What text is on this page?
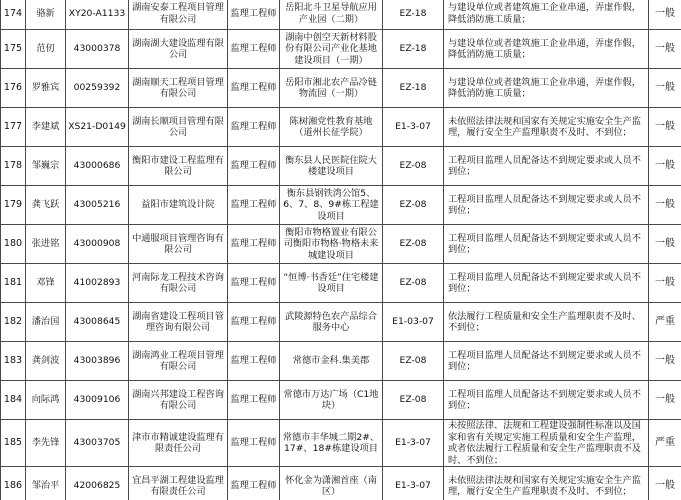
174	骆新	XY20-A1133	湖南安泰工程项目管理有限公司	监理工程师	岳阳北斗卫星导航应用产业园（二期）	EZ-18	与建设单位或者建筑施工企业串通，弄虚作假，降低消防施工质量；	一般
175	范仞	43000378	湖南湖大建设监理有限公司	监理工程师	湖南中创空天新材料股份有限公司产业化基地建设项目（一期）	EZ-18	与建设单位或者建筑施工企业串通，弄虚作假，降低消防施工质量；	一般
176	罗雅宾	00259392	湖南顺天工程项目管理有限公司	监理工程师	岳阳市湘北农产品冷链物流园（一期）	EZ-18	与建设单位或者建筑施工企业串通，弄虚作假，降低消防施工质量；	一般
177	李建斌	XS21-D0149	湖南长顺项目管理有限公司	监理工程师	陈树湘党性教育基地（道州长征学院）	E1-3-07	未依照法律法规和国家有关规定实施安全生产监理，履行安全生产监理职责不及时、不到位；	一般
178	邹巍宗	43000686	衡阳市建设工程监理有限公司	监理工程师	衡东县人民医院住院大楼建设项目	EZ-08	工程项目监理人员配备达不到规定要求或人员不到位；	一般
179	龚飞跃	43005216	益阳市建筑设计院	监理工程师	衡东县钢铁湾公馆5、6、7、8、9#栋工程建设项目	EZ-08	工程项目监理人员配备达不到规定要求或人员不到位；	一般
180	张进铭	43000908	中通服项目管理咨询有限公司	监理工程师	衡阳市物格置业有限公司衡阳市物格·物格未来城建设项目	EZ-08	工程项目监理人员配备达不到规定要求或人员不到位；	一般
181	邓锋	41002893	河南际龙工程技术咨询有限公司	监理工程师	“恒博·书香廷”住宅楼建设项目	EZ-08	工程项目监理人员配备达不到规定要求或人员不到位；	一般
182	潘治国	43008645	湖南省建设工程项目管理咨询有限公司	监理工程师	武陵源特色农产品综合服务中心	E1-03-07	依法履行工程质量和安全生产监理职责不及时、不到位；	严重
183	龚剑波	43003896	湖南鸿业工程项目管理有限公司	监理工程师	常德市金科.集美郡	EZ-08	工程项目监理人员配备达不到规定要求或人员不到位；	一般
184	向际鸿	43009106	湖南兴邦建设工程咨询有限公司	监理工程师	常德市万达广场（C1地块）	EZ-08	工程项目监理人员配备达不到规定要求或人员不到位；	一般
185	李先锋	43003705	津市市精诚建设监理有限责任公司	监理工程师	常德市丰华城二期2#、17#、18#栋建设项目	E1-3-07	未按照法律、法规和工程建设强制性标准以及国家和省有关规定实施工程质量和安全生产监理，或者依法履行工程质量和安全生产监理职责不及时、不到位；	严重
186	邹治平	42006825	宜昌平湖工程建设监理有限责任公司	监理工程师	怀化金为潇湘首座（南区）	E1-3-07	未依照法律法规和国家有关规定实施安全生产监理，履行安全生产监理职责不及时、不到位；	一般
